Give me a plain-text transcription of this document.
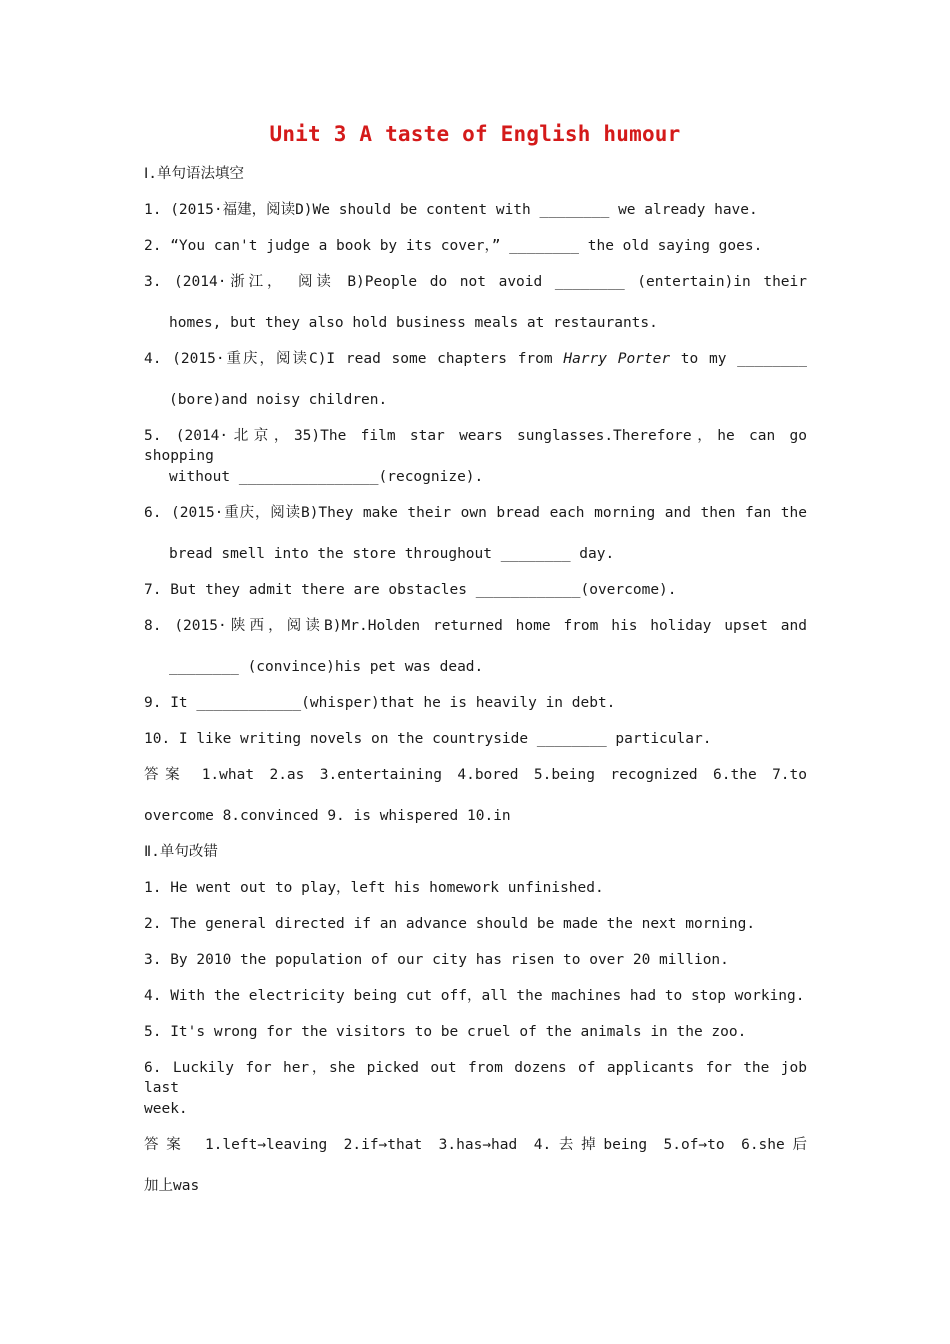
Unit 3 A taste of English humour
Ⅰ.单句语法填空
1. (2015·福建，阅读D)We should be content with ________ we already have.
2. “You can't judge a book by its cover，” ________ the old saying goes.
3. (2014·浙江， 阅读 B)People do not avoid ________ (entertain)in their
homes, but they also hold business meals at restaurants.
4. (2015·重庆，阅读C)I read some chapters from Harry Porter to my ________
(bore)and noisy children.
5. (2014·北京，35)The film star wears sunglasses.Therefore，he can go shopping
without ________________(recognize).
6. (2015·重庆，阅读B)They make their own bread each morning and then fan the
bread smell into the store throughout ________ day.
7. But they admit there are obstacles ____________(overcome).
8. (2015·陕西，阅读B)Mr.Holden returned home from his holiday upset and
________ (convince)his pet was dead.
9. It ____________(whisper)that he is heavily in debt.
10. I like writing novels on the countryside ________ particular.
答案 1.what 2.as 3.entertaining 4.bored 5.being recognized 6.the 7.to
overcome 8.convinced 9. is whispered 10.in
Ⅱ.单句改错
1. He went out to play，left his homework unfinished.
2. The general directed if an advance should be made the next morning.
3. By 2010 the population of our city has risen to over 20 million.
4. With the electricity being cut off，all the machines had to stop working.
5. It's wrong for the visitors to be cruel of the animals in the zoo.
6. Luckily for her，she picked out from dozens of applicants for the job last
week.
答案 1.left→leaving 2.if→that 3.has→had 4.去掉being 5.of→to 6.she后
加上was
